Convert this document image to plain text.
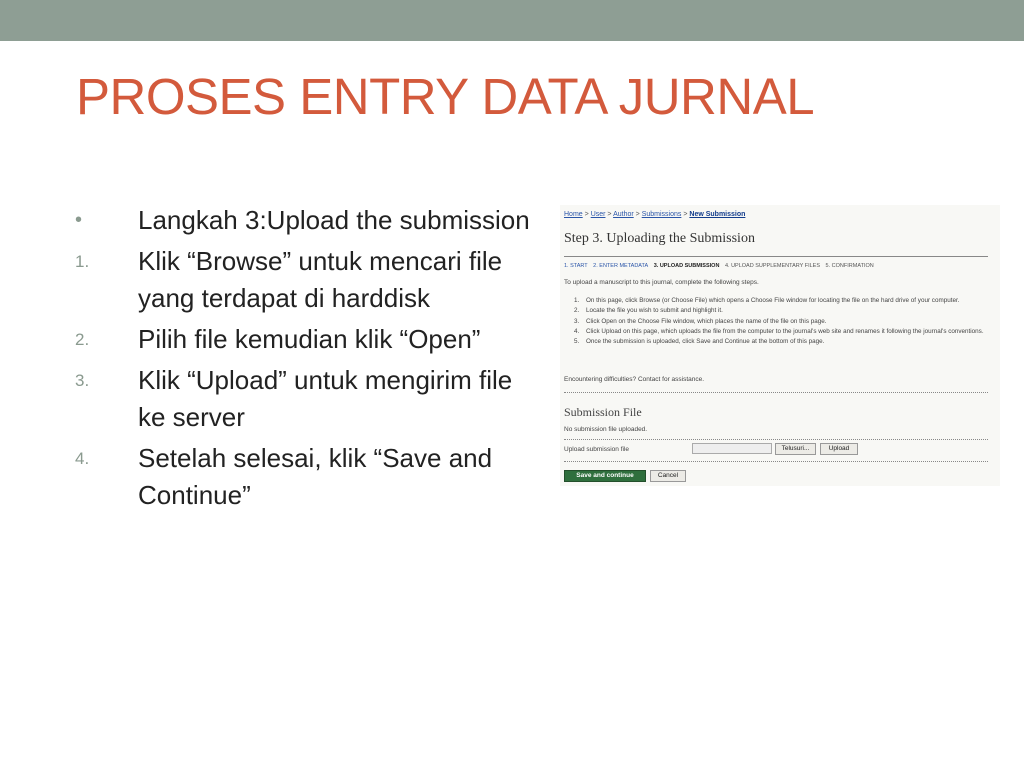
PROSES ENTRY DATA JURNAL
•	Langkah 3:Upload the submission
1.	Klik “Browse” untuk mencari file yang terdapat di harddisk
2.	Pilih file kemudian klik “Open”
3.	Klik “Upload” untuk mengirim file ke server
4.	Setelah selesai, klik “Save and Continue”
Home > User > Author > Submissions > New Submission
Step 3. Uploading the Submission
1. START 2. ENTER METADATA 3. UPLOAD SUBMISSION 4. UPLOAD SUPPLEMENTARY FILES 5. CONFIRMATION
To upload a manuscript to this journal, complete the following steps.
1.	On this page, click Browse (or Choose File) which opens a Choose File window for locating the file on the hard drive of your computer.
2.	Locate the file you wish to submit and highlight it.
3.	Click Open on the Choose File window, which places the name of the file on this page.
4.	Click Upload on this page, which uploads the file from the computer to the journal's web site and renames it following the journal's conventions.
5.	Once the submission is uploaded, click Save and Continue at the bottom of this page.
Encountering difficulties? Contact for assistance.
Submission File
No submission file uploaded.
Upload submission file	Telusuri...	Upload
Save and continue	Cancel
